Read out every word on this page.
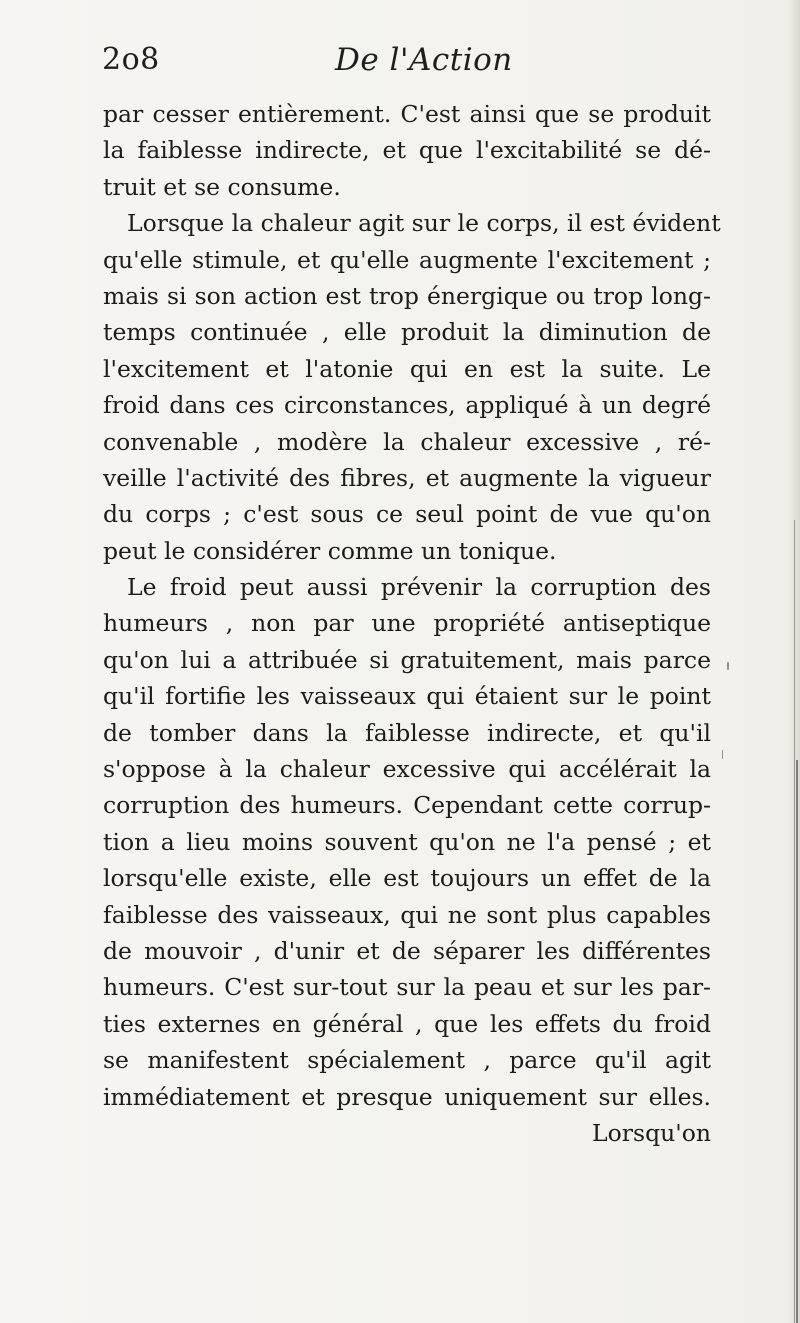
2o8	De l'Action
par cesser entièrement. C'est ainsi que se produit
la faiblesse indirecte, et que l'excitabilité se dé-
truit et se consume.
Lorsque la chaleur agit sur le corps, il est évident
qu'elle stimule, et qu'elle augmente l'excitement ;
mais si son action est trop énergique ou trop long-
temps continuée , elle produit la diminution de
l'excitement et l'atonie qui en est la suite. Le
froid dans ces circonstances, appliqué à un degré
convenable , modère la chaleur excessive , ré-
veille l'activité des fibres, et augmente la vigueur
du corps ; c'est sous ce seul point de vue qu'on
peut le considérer comme un tonique.
Le froid peut aussi prévenir la corruption des
humeurs , non par une propriété antiseptique
qu'on lui a attribuée si gratuitement, mais parce
qu'il fortifie les vaisseaux qui étaient sur le point
de tomber dans la faiblesse indirecte, et qu'il
s'oppose à la chaleur excessive qui accélérait la
corruption des humeurs. Cependant cette corrup-
tion a lieu moins souvent qu'on ne l'a pensé ; et
lorsqu'elle existe, elle est toujours un effet de la
faiblesse des vaisseaux, qui ne sont plus capables
de mouvoir , d'unir et de séparer les différentes
humeurs. C'est sur-tout sur la peau et sur les par-
ties externes en général , que les effets du froid
se manifestent spécialement , parce qu'il agit
immédiatement et presque uniquement sur elles.
Lorsqu'on
